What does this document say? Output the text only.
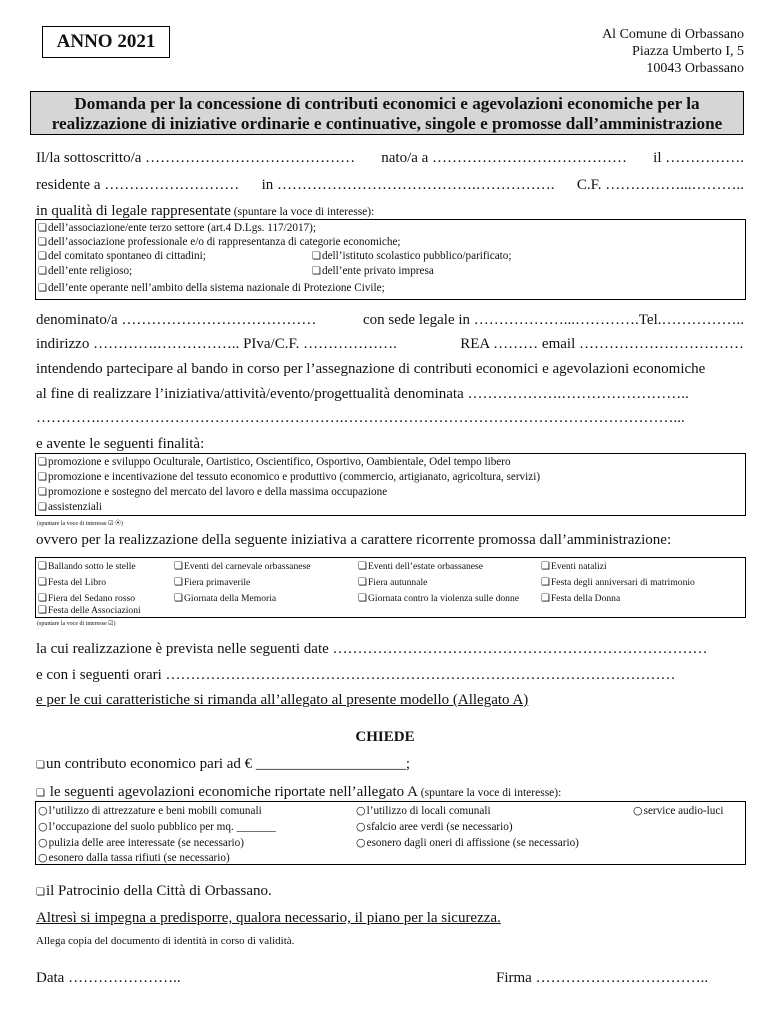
ANNO 2021	Al Comune di Orbassano
Piazza Umberto I, 5
10043 Orbassano
Domanda per la concessione di contributi economici e agevolazioni economiche per la
realizzazione di iniziative ordinarie e continuative, singole e promosse dall’amministrazione
Il/la sottoscritto/a …………………………………… nato/a a ………………………………… il …………….
residente a ……………………… in ………………………………….……………. C.F. ……………...………..
in qualità di legale rappresentate (spuntare la voce di interesse):
❏ dell’associazione/ente terzo settore (art.4 D.Lgs. 117/2017);
❏ dell’associazione professionale e/o di rappresentanza di categorie economiche;
❏ del comitato spontaneo di cittadini;	❏ dell’istituto scolastico pubblico/parificato;
❏ dell’ente religioso;	❏ dell’ente privato impresa
❏ dell’ente operante nell’ambito della sistema nazionale di Protezione Civile;
denominato/a …………………………………	con sede legale in ………………...………….Tel.……………..
indirizzo ………….…………….. PIva/C.F. ……………….	REA ……… email ……………………………
intendendo partecipare al bando in corso per l’assegnazione di contributi economici e agevolazioni economiche
al fine di realizzare l’iniziativa/attività/evento/progettualità denominata ……………….……………………..
………….………………………………………….…………………………………………………………...
e avente le seguenti finalità:
❏ promozione e sviluppo Oculturale, Oartistico, Oscientifico, Osportivo, Oambientale, Odel tempo libero
❏ promozione e incentivazione del tessuto economico e produttivo (commercio, artigianato, agricoltura, servizi)
❏ promozione e sostegno del mercato del lavoro e della massima occupazione
❏ assistenziali
(spuntare la voce di interesse ☑ ⦿)
ovvero per la realizzazione della seguente iniziativa a carattere ricorrente promossa dall’amministrazione:
❏ Ballando sotto le stelle	❏ Eventi del carnevale orbassanese	❏ Eventi dell’estate orbassanese	❏ Eventi natalizi
❏ Festa del Libro	❏ Fiera primaverile	❏ Fiera autunnale	❏ Festa degli anniversari di matrimonio
❏ Fiera del Sedano rosso	❏ Giornata della Memoria	❏ Giornata contro la violenza sulle donne	❏ Festa della Donna
❏ Festa delle Associazioni
(spuntare la voce di interesse ☑)
la cui realizzazione è prevista nelle seguenti date …………………………………………………………………
e con i seguenti orari …………………………………………………………………………………………
e per le cui caratteristiche si rimanda all’allegato al presente modello (Allegato A)
CHIEDE
❏ un contributo economico pari ad € ____________________;
❏ le seguenti agevolazioni economiche riportate nell’allegato A (spuntare la voce di interesse):
○ l’utilizzo di attrezzature e beni mobili comunali	○ l’utilizzo di locali comunali	○ service audio-luci
○ l’occupazione del suolo pubblico per mq. _______	○ sfalcio aree verdi (se necessario)
○ pulizia delle aree interessate (se necessario)	○ esonero dagli oneri di affissione (se necessario)
○ esonero dalla tassa rifiuti (se necessario)
❏ il Patrocinio della Città di Orbassano.
Altresì si impegna a predisporre, qualora necessario, il piano per la sicurezza.
Allega copia del documento di identità in corso di validità.
Data …………………..	Firma ……………………………..
